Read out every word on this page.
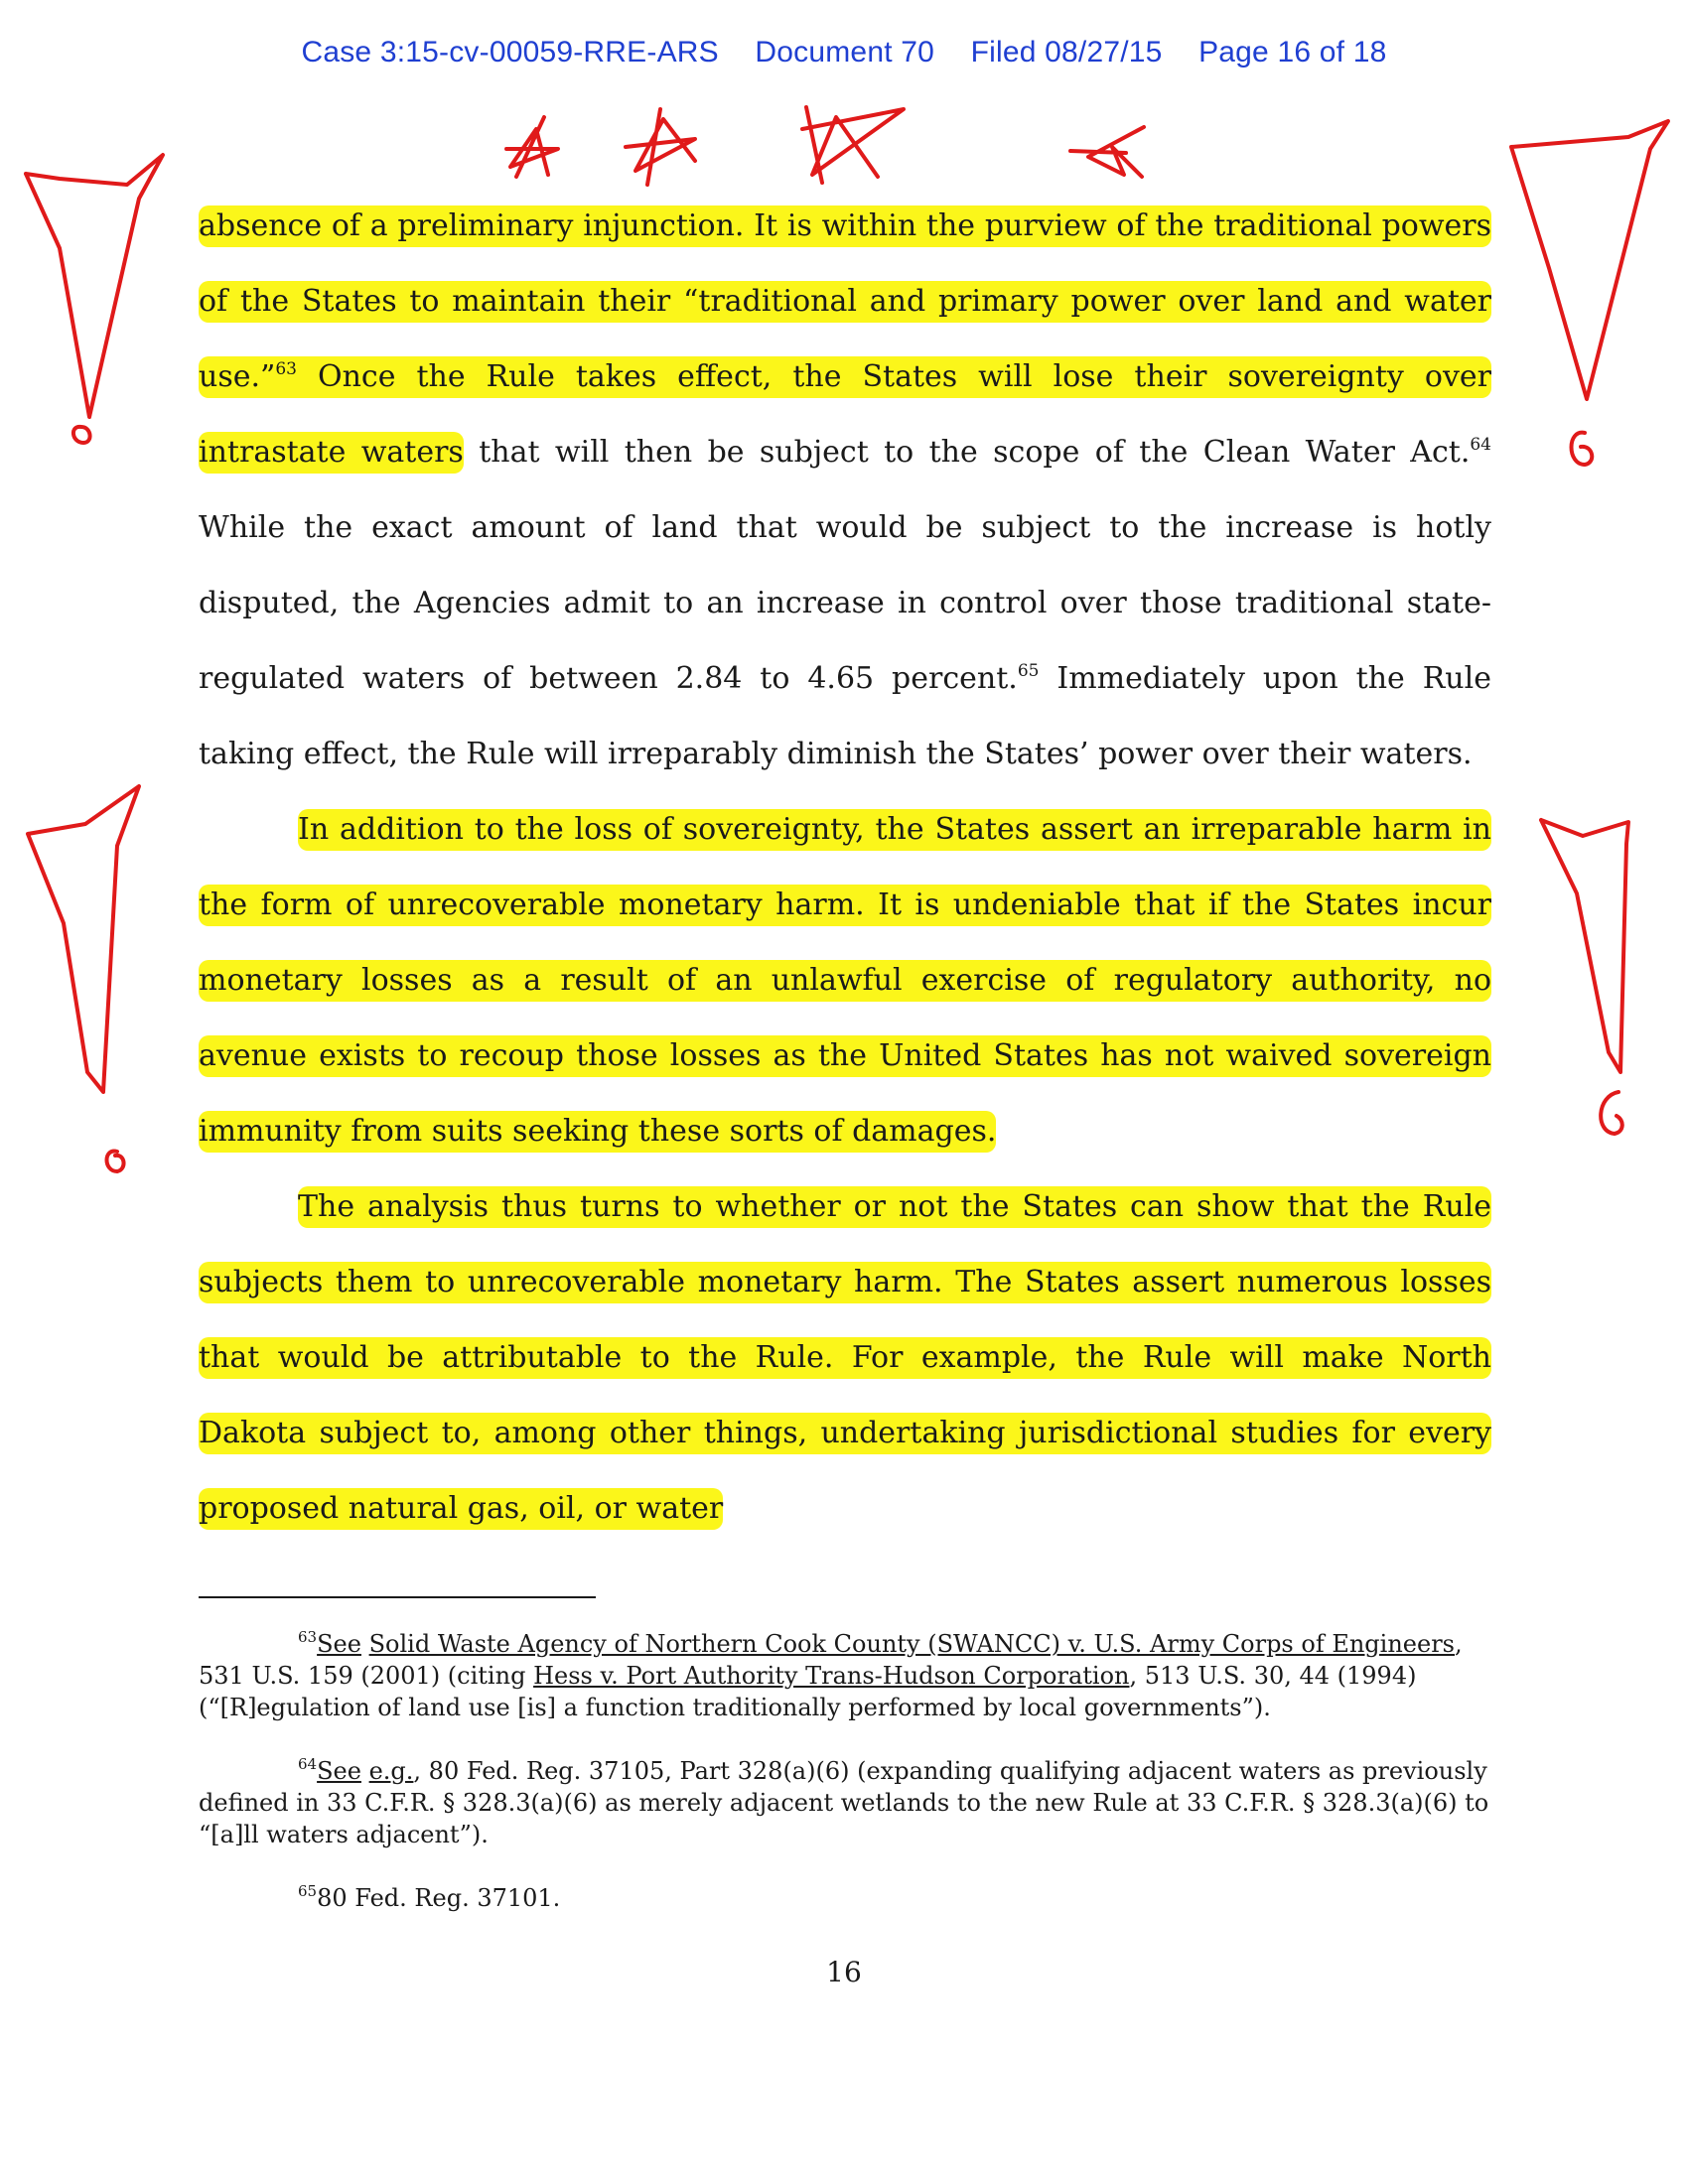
Case 3:15-cv-00059-RRE-ARS Document 70 Filed 08/27/15 Page 16 of 18

absence of a preliminary injunction. It is within the purview of the traditional powers of the States to maintain their “traditional and primary power over land and water use.”$^{63}$ Once the Rule takes effect, the States will lose their sovereignty over intrastate waters that will then be subject to the scope of the Clean Water Act.$^{64}$ While the exact amount of land that would be subject to the increase is hotly disputed, the Agencies admit to an increase in control over those traditional state-regulated waters of between 2.84 to 4.65 percent.$^{65}$ Immediately upon the Rule taking effect, the Rule will irreparably diminish the States’ power over their waters.

In addition to the loss of sovereignty, the States assert an irreparable harm in the form of unrecoverable monetary harm. It is undeniable that if the States incur monetary losses as a result of an unlawful exercise of regulatory authority, no avenue exists to recoup those losses as the United States has not waived sovereign immunity from suits seeking these sorts of damages.

The analysis thus turns to whether or not the States can show that the Rule subjects them to unrecoverable monetary harm. The States assert numerous losses that would be attributable to the Rule. For example, the Rule will make North Dakota subject to, among other things, undertaking jurisdictional studies for every proposed natural gas, oil, or water

$^{63}$See Solid Waste Agency of Northern Cook County (SWANCC) v. U.S. Army Corps of Engineers, 531 U.S. 159 (2001) (citing Hess v. Port Authority Trans-Hudson Corporation, 513 U.S. 30, 44 (1994) (“[R]egulation of land use [is] a function traditionally performed by local governments”).

$^{64}$See e.g., 80 Fed. Reg. 37105, Part 328(a)(6) (expanding qualifying adjacent waters as previously defined in 33 C.F.R. § 328.3(a)(6) as merely adjacent wetlands to the new Rule at 33 C.F.R. § 328.3(a)(6) to “[a]ll waters adjacent”).

$^{65}$80 Fed. Reg. 37101.

16
